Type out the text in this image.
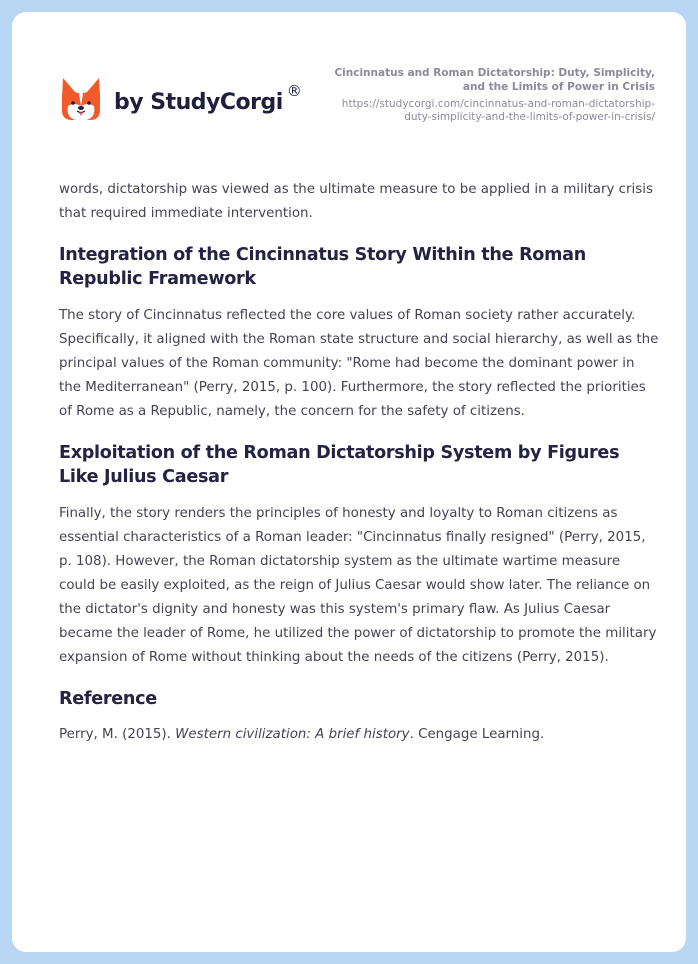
by StudyCorgi ®
Cincinnatus and Roman Dictatorship: Duty, Simplicity, and the Limits of Power in Crisis
https://studycorgi.com/cincinnatus-and-roman-dictatorship-duty-simplicity-and-the-limits-of-power-in-crisis/

words, dictatorship was viewed as the ultimate measure to be applied in a military crisis that required immediate intervention.

Integration of the Cincinnatus Story Within the Roman Republic Framework

The story of Cincinnatus reflected the core values of Roman society rather accurately. Specifically, it aligned with the Roman state structure and social hierarchy, as well as the principal values of the Roman community: "Rome had become the dominant power in the Mediterranean" (Perry, 2015, p. 100). Furthermore, the story reflected the priorities of Rome as a Republic, namely, the concern for the safety of citizens.

Exploitation of the Roman Dictatorship System by Figures Like Julius Caesar

Finally, the story renders the principles of honesty and loyalty to Roman citizens as essential characteristics of a Roman leader: "Cincinnatus finally resigned" (Perry, 2015, p. 108). However, the Roman dictatorship system as the ultimate wartime measure could be easily exploited, as the reign of Julius Caesar would show later. The reliance on the dictator's dignity and honesty was this system's primary flaw. As Julius Caesar became the leader of Rome, he utilized the power of dictatorship to promote the military expansion of Rome without thinking about the needs of the citizens (Perry, 2015).

Reference

Perry, M. (2015). Western civilization: A brief history. Cengage Learning.
